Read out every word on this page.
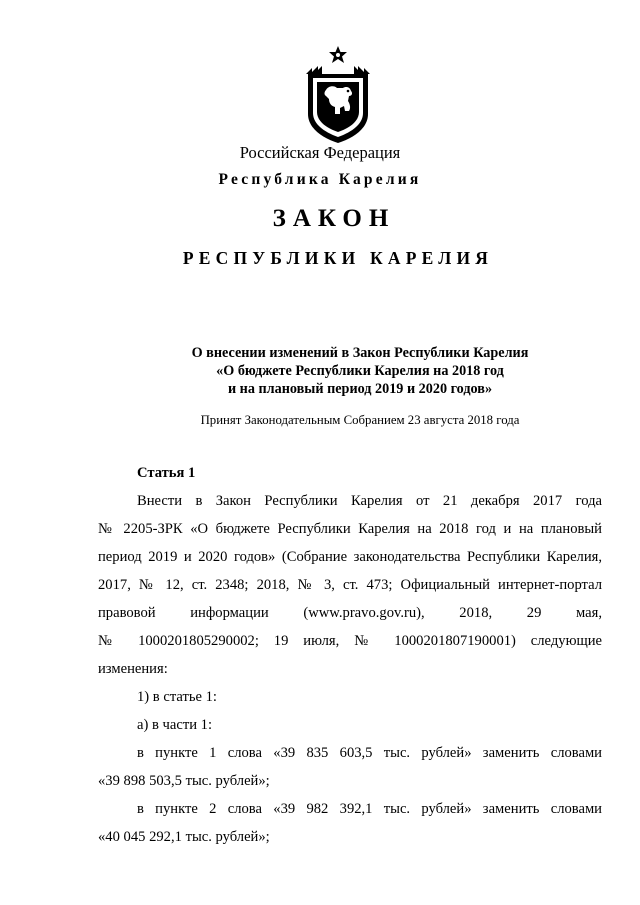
Российская Федерация
Республика Карелия
ЗАКОН
РЕСПУБЛИКИ КАРЕЛИЯ
О внесении изменений в Закон Республики Карелия
«О бюджете Республики Карелия на 2018 год
и на плановый период 2019 и 2020 годов»
Принят Законодательным Собранием 23 августа 2018 года
Статья 1
Внести в Закон Республики Карелия от 21 декабря 2017 года
№ 2205-ЗРК «О бюджете Республики Карелия на 2018 год и на плановый
период 2019 и 2020 годов» (Собрание законодательства Республики Карелия,
2017, № 12, ст. 2348; 2018, № 3, ст. 473; Официальный интернет-портал
правовой информации (www.pravo.gov.ru), 2018, 29 мая,
№ 1000201805290002; 19 июля, № 1000201807190001) следующие
изменения:
1) в статье 1:
а) в части 1:
в пункте 1 слова «39 835 603,5 тыс. рублей» заменить словами
«39 898 503,5 тыс. рублей»;
в пункте 2 слова «39 982 392,1 тыс. рублей» заменить словами
«40 045 292,1 тыс. рублей»;
